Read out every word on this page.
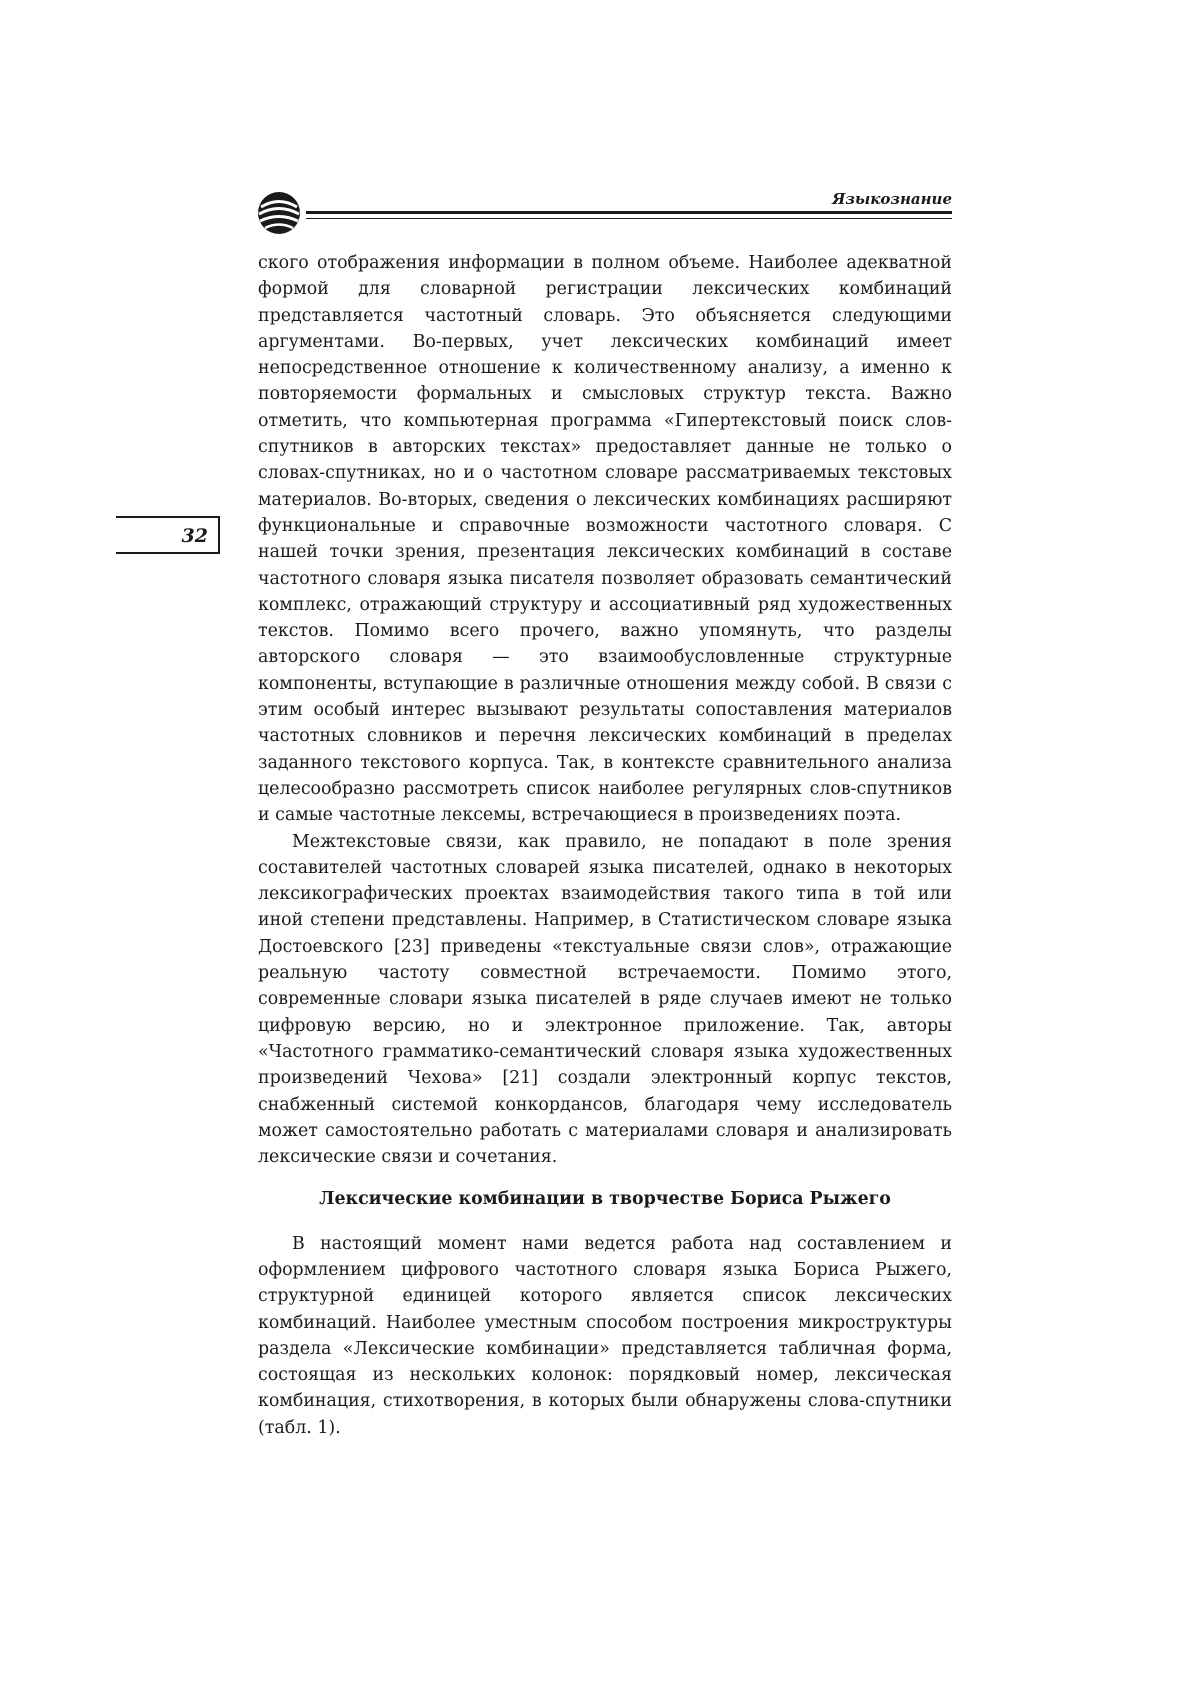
Языкознание
32

ского отображения информации в полном объеме. Наиболее адекватной формой для словарной регистрации лексических комбинаций представляется частотный словарь. Это объясняется следующими аргументами. Во-первых, учет лексических комбинаций имеет непосредственное отношение к количественному анализу, а именно к повторяемости формальных и смысловых структур текста. Важно отметить, что компьютерная программа «Гипертекстовый поиск слов-спутников в авторских текстах» предоставляет данные не только о словах-спутниках, но и о частотном словаре рассматриваемых текстовых материалов. Во-вторых, сведения о лексических комбинациях расширяют функциональные и справочные возможности частотного словаря. С нашей точки зрения, презентация лексических комбинаций в составе частотного словаря языка писателя позволяет образовать семантический комплекс, отражающий структуру и ассоциативный ряд художественных текстов. Помимо всего прочего, важно упомянуть, что разделы авторского словаря — это взаимообусловленные структурные компоненты, вступающие в различные отношения между собой. В связи с этим особый интерес вызывают результаты сопоставления материалов частотных словников и перечня лексических комбинаций в пределах заданного текстового корпуса. Так, в контексте сравнительного анализа целесообразно рассмотреть список наиболее регулярных слов-спутников и самые частотные лексемы, встречающиеся в произведениях поэта.

Межтекстовые связи, как правило, не попадают в поле зрения составителей частотных словарей языка писателей, однако в некоторых лексикографических проектах взаимодействия такого типа в той или иной степени представлены. Например, в Статистическом словаре языка Достоевского [23] приведены «текстуальные связи слов», отражающие реальную частоту совместной встречаемости. Помимо этого, современные словари языка писателей в ряде случаев имеют не только цифровую версию, но и электронное приложение. Так, авторы «Частотного грамматико-семантический словаря языка художественных произведений Чехова» [21] создали электронный корпус текстов, снабженный системой конкордансов, благодаря чему исследователь может самостоятельно работать с материалами словаря и анализировать лексические связи и сочетания.

Лексические комбинации в творчестве Бориса Рыжего

В настоящий момент нами ведется работа над составлением и оформлением цифрового частотного словаря языка Бориса Рыжего, структурной единицей которого является список лексических комбинаций. Наиболее уместным способом построения микроструктуры раздела «Лексические комбинации» представляется табличная форма, состоящая из нескольких колонок: порядковый номер, лексическая комбинация, стихотворения, в которых были обнаружены слова-спутники (табл. 1).
